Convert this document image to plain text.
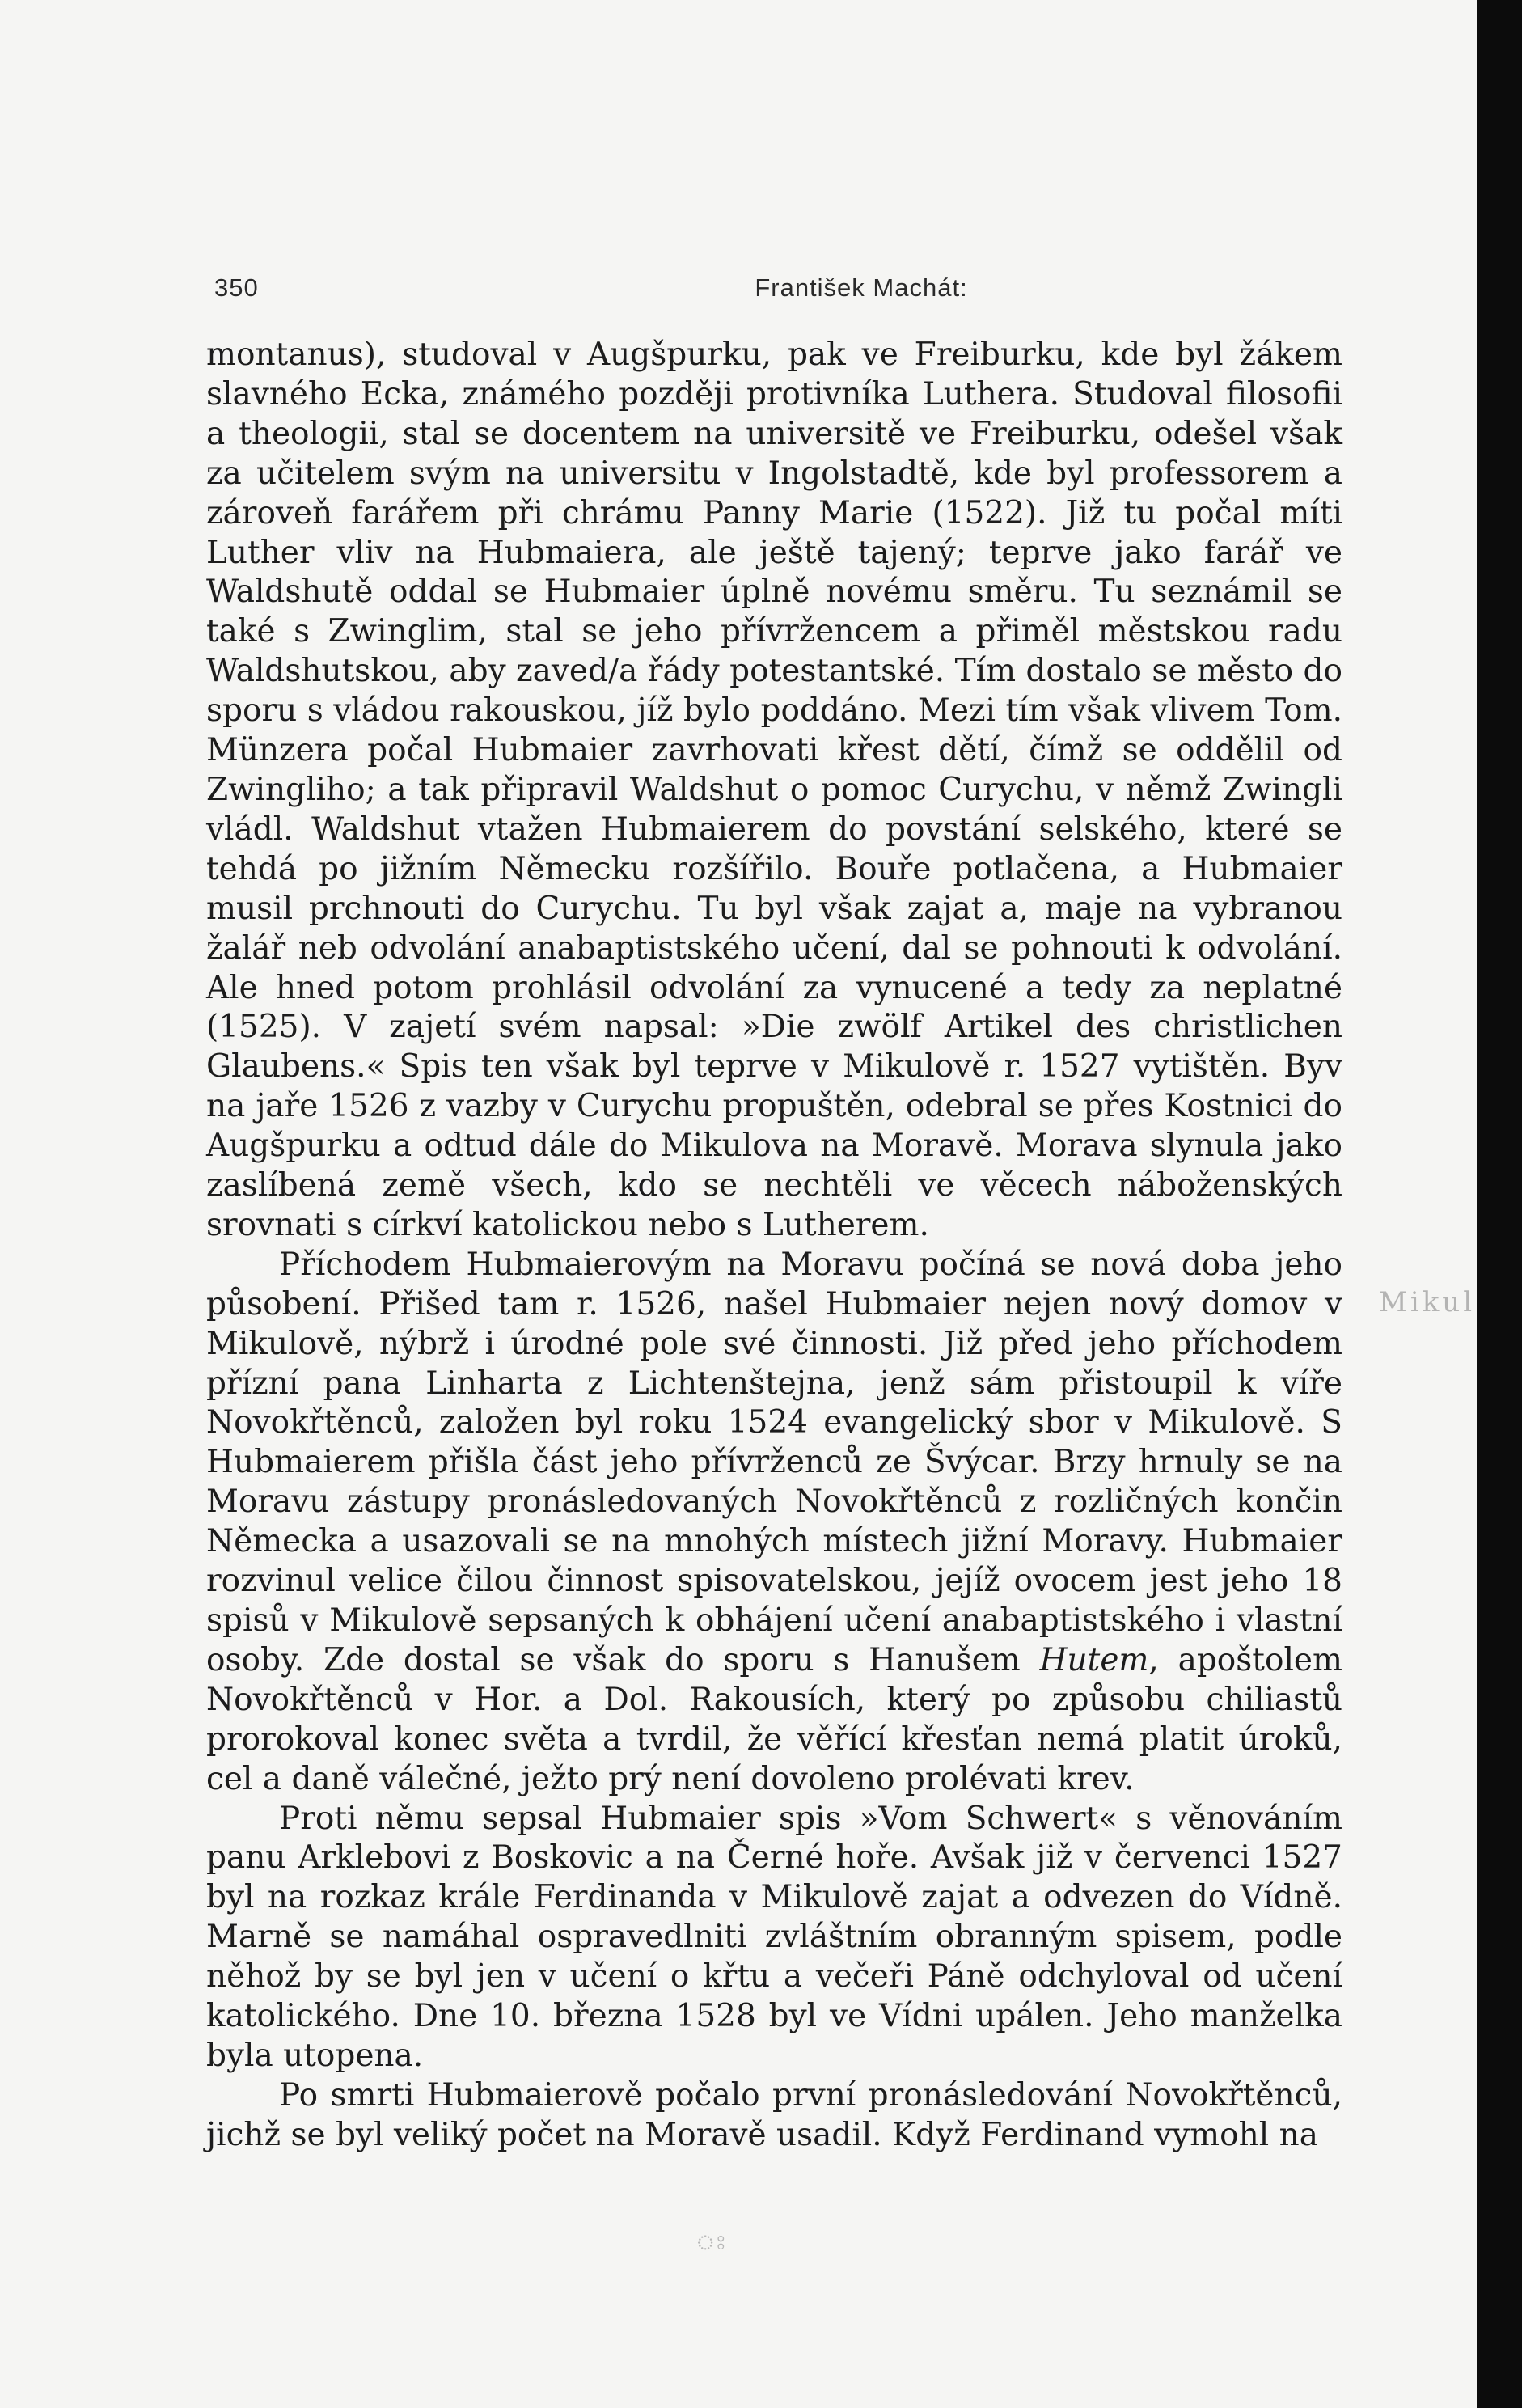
350	František Machát:

montanus), studoval v Augšpurku, pak ve Freiburku, kde byl žákem slavného Ecka, známého později protivníka Luthera. Studoval filosofii a theologii, stal se docentem na universitě ve Freiburku, odešel však za učitelem svým na universitu v Ingolstadtě, kde byl professorem a zároveň farářem při chrámu Panny Marie (1522). Již tu počal míti Luther vliv na Hubmaiera, ale ještě tajený; teprve jako farář ve Waldshutě oddal se Hubmaier úplně novému směru. Tu seznámil se také s Zwinglim, stal se jeho přívržencem a přiměl městskou radu Waldshutskou, aby zaved/a řády potestantské. Tím dostalo se město do sporu s vládou rakouskou, jíž bylo poddáno. Mezi tím však vlivem Tom. Münzera počal Hubmaier zavrhovati křest dětí, čímž se oddělil od Zwingliho; a tak připravil Waldshut o pomoc Curychu, v němž Zwingli vládl. Waldshut vtažen Hubmaierem do povstání selského, které se tehdá po jižním Německu rozšířilo. Bouře potlačena, a Hubmaier musil prchnouti do Curychu. Tu byl však zajat a, maje na vybranou žalář neb odvolání anabaptistského učení, dal se pohnouti k odvolání. Ale hned potom prohlásil odvolání za vynucené a tedy za neplatné (1525). V zajetí svém napsal: »Die zwölf Artikel des christlichen Glaubens.« Spis ten však byl teprve v Mikulově r. 1527 vytištěn. Byv na jaře 1526 z vazby v Curychu propuštěn, odebral se přes Kostnici do Augšpurku a odtud dále do Mikulova na Moravě. Morava slynula jako zaslíbená země všech, kdo se nechtěli ve věcech náboženských srovnati s církví katolickou nebo s Lutherem.

Příchodem Hubmaierovým na Moravu počíná se nová doba jeho působení. Přišed tam r. 1526, našel Hubmaier nejen nový domov v Mikulově, nýbrž i úrodné pole své činnosti. Již před jeho příchodem přízní pana Linharta z Lichtenštejna, jenž sám přistoupil k víře Novokřtěnců, založen byl roku 1524 evangelický sbor v Mikulově. S Hubmaierem přišla část jeho přívrženců ze Švýcar. Brzy hrnuly se na Moravu zástupy pronásledovaných Novokřtěnců z rozličných končin Německa a usazovali se na mnohých místech jižní Moravy. Hubmaier rozvinul velice čilou činnost spisovatelskou, jejíž ovocem jest jeho 18 spisů v Mikulově sepsaných k obhájení učení anabaptistského i vlastní osoby. Zde dostal se však do sporu s Hanušem Hutem, apoštolem Novokřtěnců v Hor. a Dol. Rakousích, který po způsobu chiliastů prorokoval konec světa a tvrdil, že věřící křesťan nemá platit úroků, cel a daně válečné, ježto prý není dovoleno prolévati krev.

Proti němu sepsal Hubmaier spis »Vom Schwert« s věnováním panu Arklebovi z Boskovic a na Černé hoře. Avšak již v červenci 1527 byl na rozkaz krále Ferdinanda v Mikulově zajat a odvezen do Vídně. Marně se namáhal ospravedlniti zvláštním obranným spisem, podle něhož by se byl jen v učení o křtu a večeři Páně odchyloval od učení katolického. Dne 10. března 1528 byl ve Vídni upálen. Jeho manželka byla utopena.

Po smrti Hubmaierově počalo první pronásledování Novokřtěnců, jichž se byl veliký počet na Moravě usadil. Když Ferdinand vymohl na

Mikul
ঃ
